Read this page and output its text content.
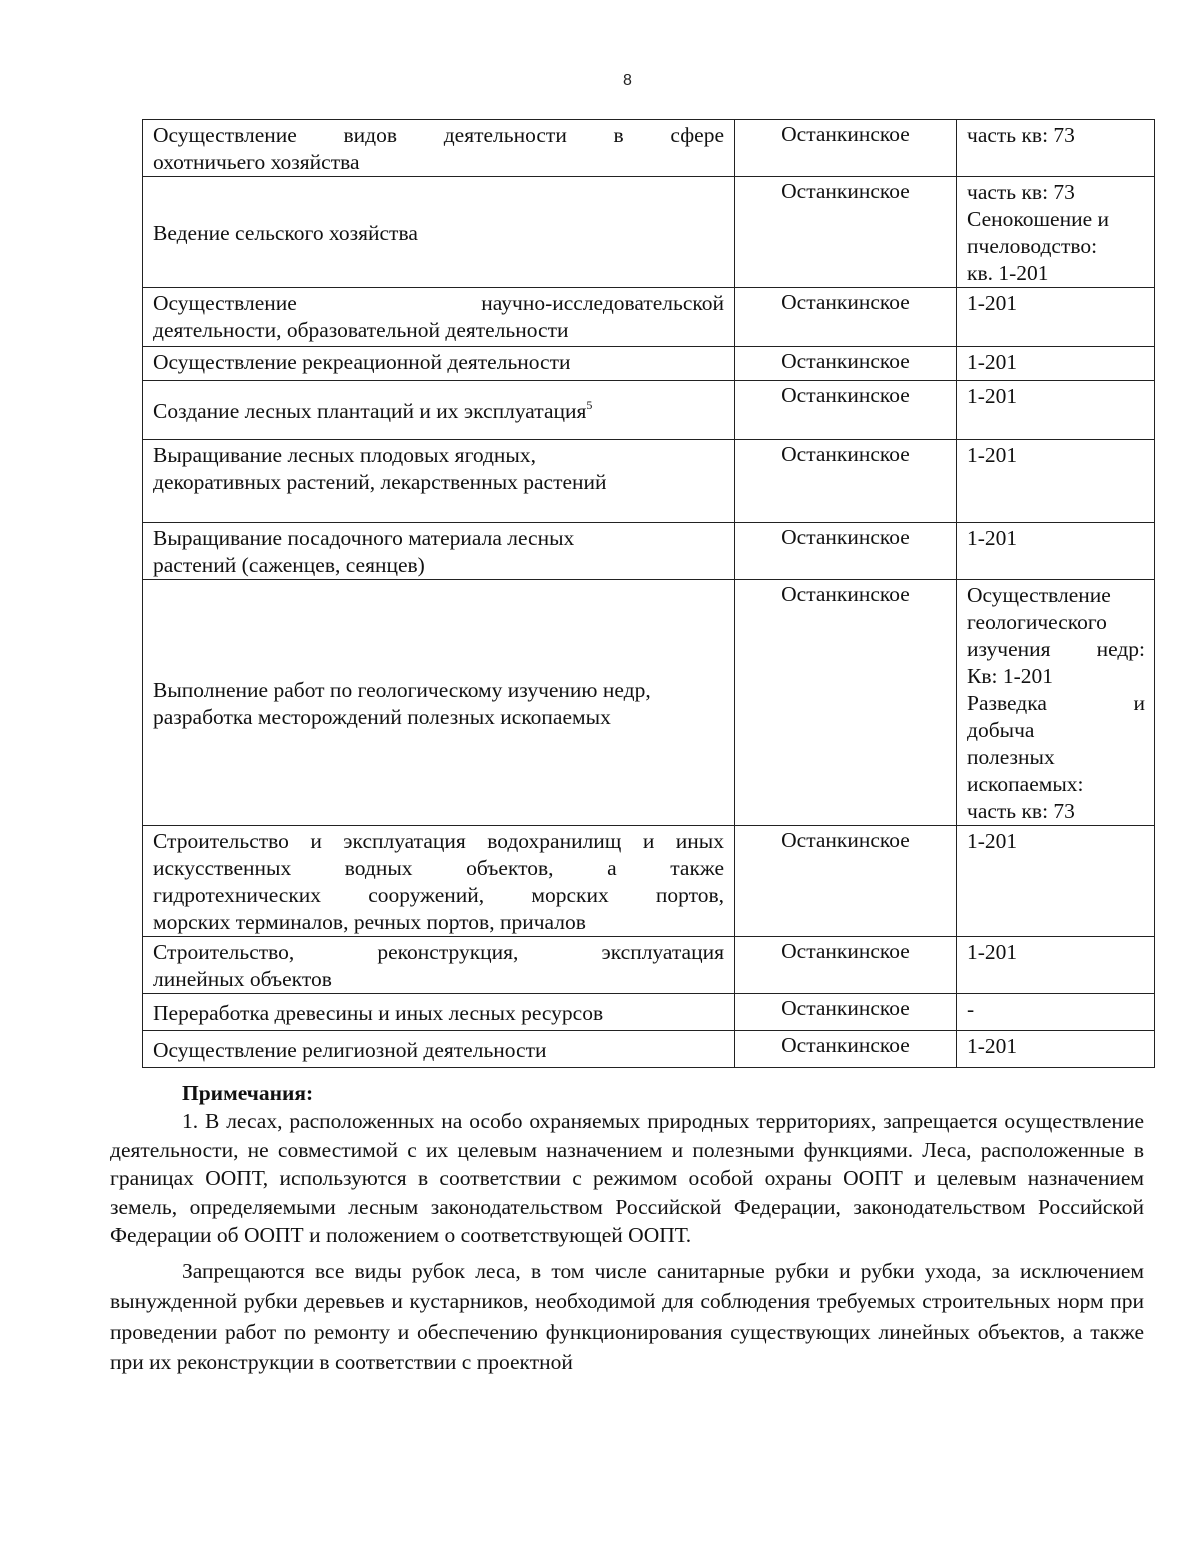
8
Осуществление видов деятельности в сфере
охотничьего хозяйства	Останкинское	часть кв: 73

Ведение сельского хозяйства	Останкинское	часть кв: 73
Сенокошение и
пчеловодство:
кв. 1-201

Осуществление научно-исследовательской
деятельности, образовательной деятельности	Останкинское	1-201

Осуществление рекреационной деятельности	Останкинское	1-201

Создание лесных плантаций и их эксплуатация$^5$	Останкинское	1-201

Выращивание лесных плодовых ягодных,
декоративных растений, лекарственных растений	Останкинское	1-201

Выращивание посадочного материала лесных
растений (саженцев, сеянцев)	Останкинское	1-201

Выполнение работ по геологическому изучению недр,
разработка месторождений полезных ископаемых
	Останкинское	Осуществление
геологического
изучения недр:
Кв: 1-201
Разведка и
добыча
полезных
ископаемых:
часть кв: 73

Строительство и эксплуатация водохранилищ и иных
искусственных водных объектов, а также
гидротехнических сооружений, морских портов,
морских терминалов, речных портов, причалов	Останкинское	1-201

Строительство, реконструкция, эксплуатация
линейных объектов	Останкинское	1-201

Переработка древесины и иных лесных ресурсов	Останкинское	-

Осуществление религиозной деятельности	Останкинское	1-201
Примечания:

1. В лесах, расположенных на особо охраняемых природных территориях, запрещается осуществление деятельности, не совместимой с их целевым назначением и полезными функциями. Леса, расположенные в границах ООПТ, используются в соответствии с режимом особой охраны ООПТ и целевым назначением земель, определяемыми лесным законодательством Российской Федерации, законодательством Российской Федерации об ООПТ и положением о соответствующей ООПТ.

Запрещаются все виды рубок леса, в том числе санитарные рубки и рубки ухода, за исключением вынужденной рубки деревьев и кустарников, необходимой для соблюдения требуемых строительных норм при проведении работ по ремонту и обеспечению функционирования существующих линейных объектов, а также при их реконструкции в соответствии с проектной
